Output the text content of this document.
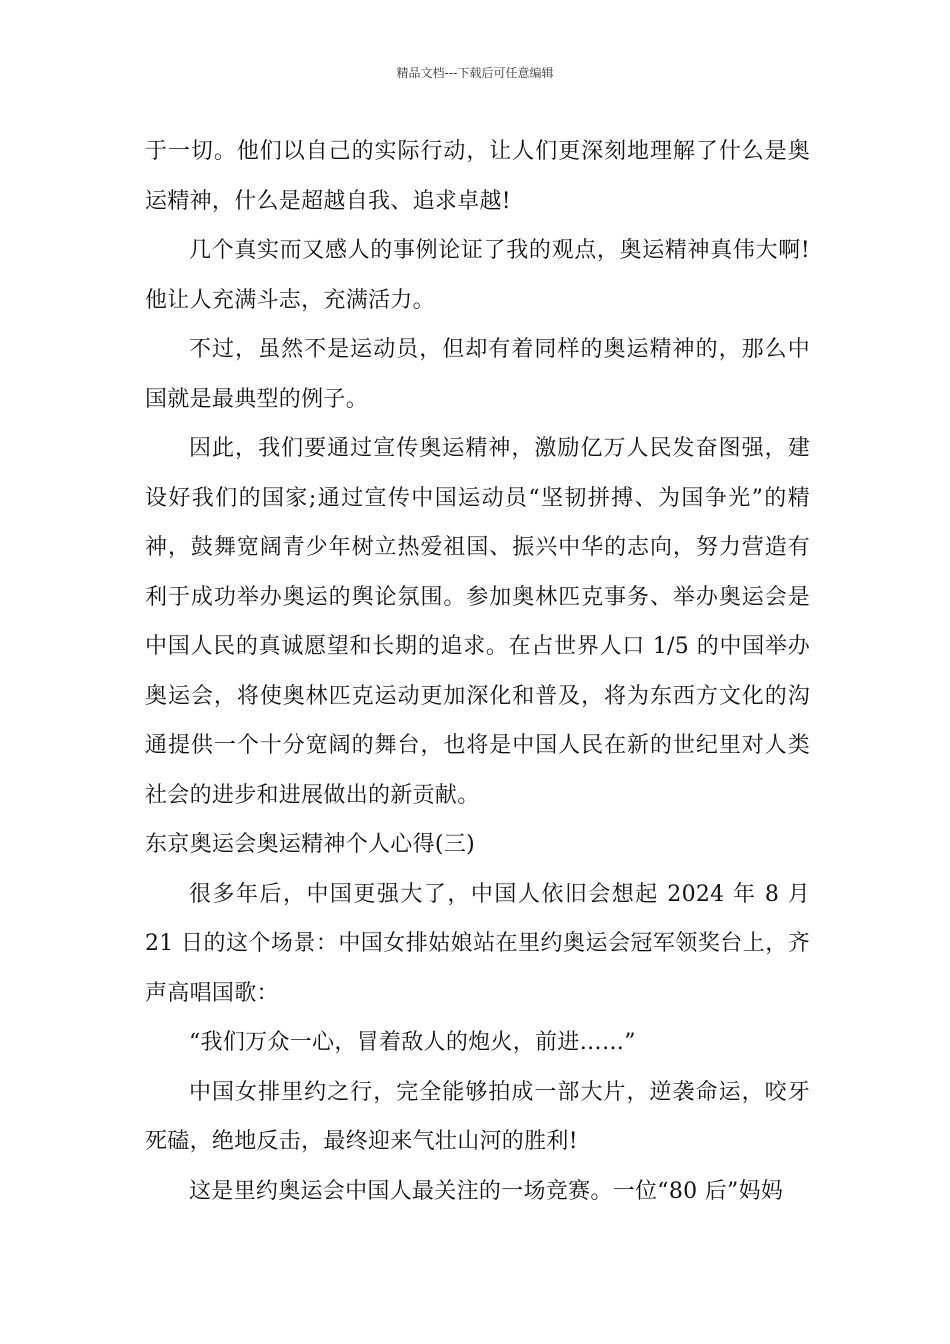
精品文档---下载后可任意编辑

于一切。他们以自己的实际行动，让人们更深刻地理解了什么是奥运精神，什么是超越自我、追求卓越!

几个真实而又感人的事例论证了我的观点，奥运精神真伟大啊!他让人充满斗志，充满活力。

不过，虽然不是运动员，但却有着同样的奥运精神的，那么中国就是最典型的例子。

因此，我们要通过宣传奥运精神，激励亿万人民发奋图强，建设好我们的国家;通过宣传中国运动员“坚韧拼搏、为国争光”的精神，鼓舞宽阔青少年树立热爱祖国、振兴中华的志向，努力营造有利于成功举办奥运的舆论氛围。参加奥林匹克事务、举办奥运会是中国人民的真诚愿望和长期的追求。在占世界人口 1/5 的中国举办奥运会，将使奥林匹克运动更加深化和普及，将为东西方文化的沟通提供一个十分宽阔的舞台，也将是中国人民在新的世纪里对人类社会的进步和进展做出的新贡献。

东京奥运会奥运精神个人心得(三)

很多年后，中国更强大了，中国人依旧会想起 2024 年 8 月 21 日的这个场景：中国女排姑娘站在里约奥运会冠军领奖台上，齐声高唱国歌：

“我们万众一心，冒着敌人的炮火，前进……”

中国女排里约之行，完全能够拍成一部大片，逆袭命运，咬牙死磕，绝地反击，最终迎来气壮山河的胜利!

这是里约奥运会中国人最关注的一场竞赛。一位“80 后”妈妈
